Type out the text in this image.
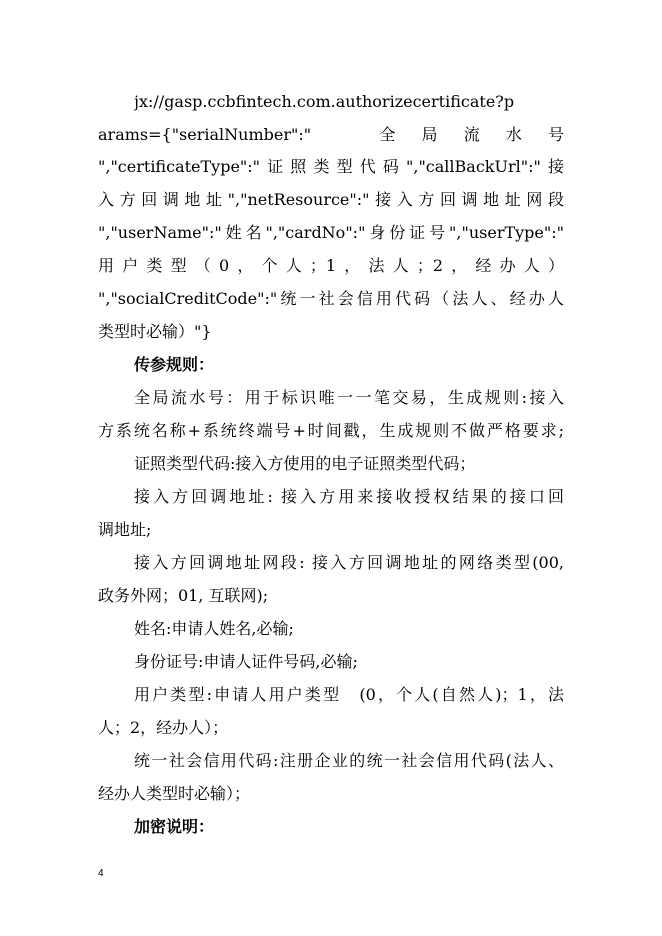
jx://gasp.ccbfintech.com.authorizecertificate?p
arams={"serialNumber":"　　　全　局　流　水　号
","certificateType":"证照类型代码","callBackUrl":"接
入方回调地址","netResource":"接入方回调地址网段
","userName":"姓名","cardNo":"身份证号","userType":"
用户类型（0，个人；1，法人；2，经办人）
","socialCreditCode":"统一社会信用代码（法人、经办人
类型时必输）"}
传参规则：
全局流水号：用于标识唯一一笔交易，生成规则:接入
方系统名称+系统终端号+时间戳，生成规则不做严格要求;
证照类型代码:接入方使用的电子证照类型代码；
接入方回调地址: 接入方用来接收授权结果的接口回
调地址;
接入方回调地址网段: 接入方回调地址的网络类型(00,
政务外网；01, 互联网);
姓名:申请人姓名,必输;
身份证号:申请人证件号码,必输;
用户类型:申请人用户类型　(0，个人(自然人)；1，法
人；2，经办人）；
统一社会信用代码:注册企业的统一社会信用代码(法人、
经办人类型时必输）；
加密说明：
4
